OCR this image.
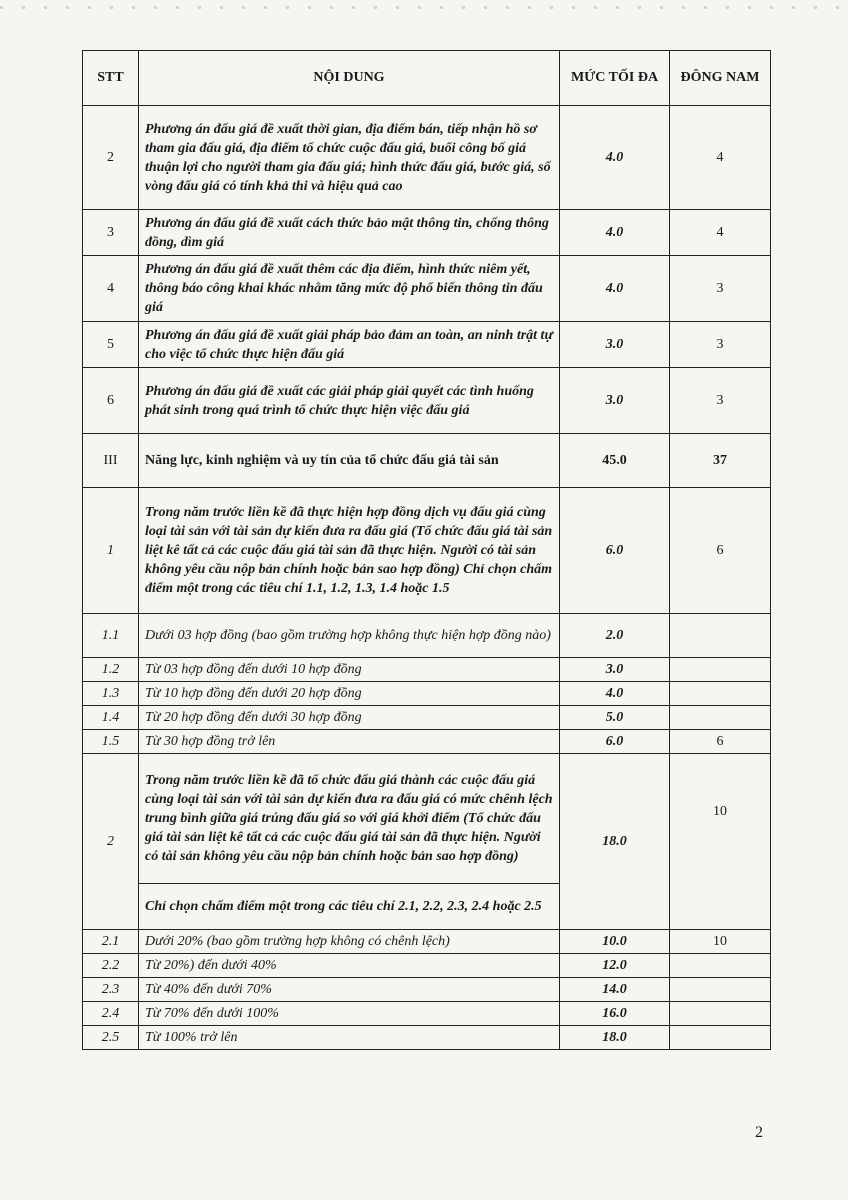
STT	NỘI DUNG	MỨC TỐI ĐA	ĐÔNG NAM
2	Phương án đấu giá đề xuất thời gian, địa điểm bán, tiếp nhận hồ sơ tham gia đấu giá, địa điểm tổ chức cuộc đấu giá, buổi công bố giá thuận lợi cho người tham gia đấu giá; hình thức đấu giá, bước giá, số vòng đấu giá có tính khả thi và hiệu quả cao	4.0	4
3	Phương án đấu giá đề xuất cách thức bảo mật thông tin, chống thông đồng, dìm giá	4.0	4
4	Phương án đấu giá đề xuất thêm các địa điểm, hình thức niêm yết, thông báo công khai khác nhằm tăng mức độ phổ biến thông tin đấu giá	4.0	3
5	Phương án đấu giá đề xuất giải pháp bảo đảm an toàn, an ninh trật tự cho việc tổ chức thực hiện đấu giá	3.0	3
6	Phương án đấu giá đề xuất các giải pháp giải quyết các tình huống phát sinh trong quá trình tổ chức thực hiện việc đấu giá	3.0	3
III	Năng lực, kinh nghiệm và uy tín của tổ chức đấu giá tài sản	45.0	37
1	Trong năm trước liền kề đã thực hiện hợp đồng dịch vụ đấu giá cùng loại tài sản với tài sản dự kiến đưa ra đấu giá (Tổ chức đấu giá tài sản liệt kê tất cả các cuộc đấu giá tài sản đã thực hiện. Người có tài sản không yêu cầu nộp bản chính hoặc bản sao hợp đồng) Chỉ chọn chấm điểm một trong các tiêu chí 1.1, 1.2, 1.3, 1.4 hoặc 1.5	6.0	6
1.1	Dưới 03 hợp đồng (bao gồm trường hợp không thực hiện hợp đồng nào)	2.0	
1.2	Từ 03 hợp đồng đến dưới 10 hợp đồng	3.0	
1.3	Từ 10 hợp đồng đến dưới 20 hợp đồng	4.0	
1.4	Từ 20 hợp đồng đến dưới 30 hợp đồng	5.0	
1.5	Từ 30 hợp đồng trở lên	6.0	6
2	Trong năm trước liền kề đã tổ chức đấu giá thành các cuộc đấu giá cùng loại tài sản với tài sản dự kiến đưa ra đấu giá có mức chênh lệch trung bình giữa giá trúng đấu giá so với giá khởi điểm (Tổ chức đấu giá tài sản liệt kê tất cả các cuộc đấu giá tài sản đã thực hiện. Người có tài sản không yêu cầu nộp bản chính hoặc bản sao hợp đồng)	18.0	10
	Chỉ chọn chấm điểm một trong các tiêu chí 2.1, 2.2, 2.3, 2.4 hoặc 2.5		
2.1	Dưới 20% (bao gồm trường hợp không có chênh lệch)	10.0	10
2.2	Từ 20%) đến dưới 40%	12.0	
2.3	Từ 40% đến dưới 70%	14.0	
2.4	Từ 70% đến dưới 100%	16.0	
2.5	Từ 100% trở lên	18.0	
2
